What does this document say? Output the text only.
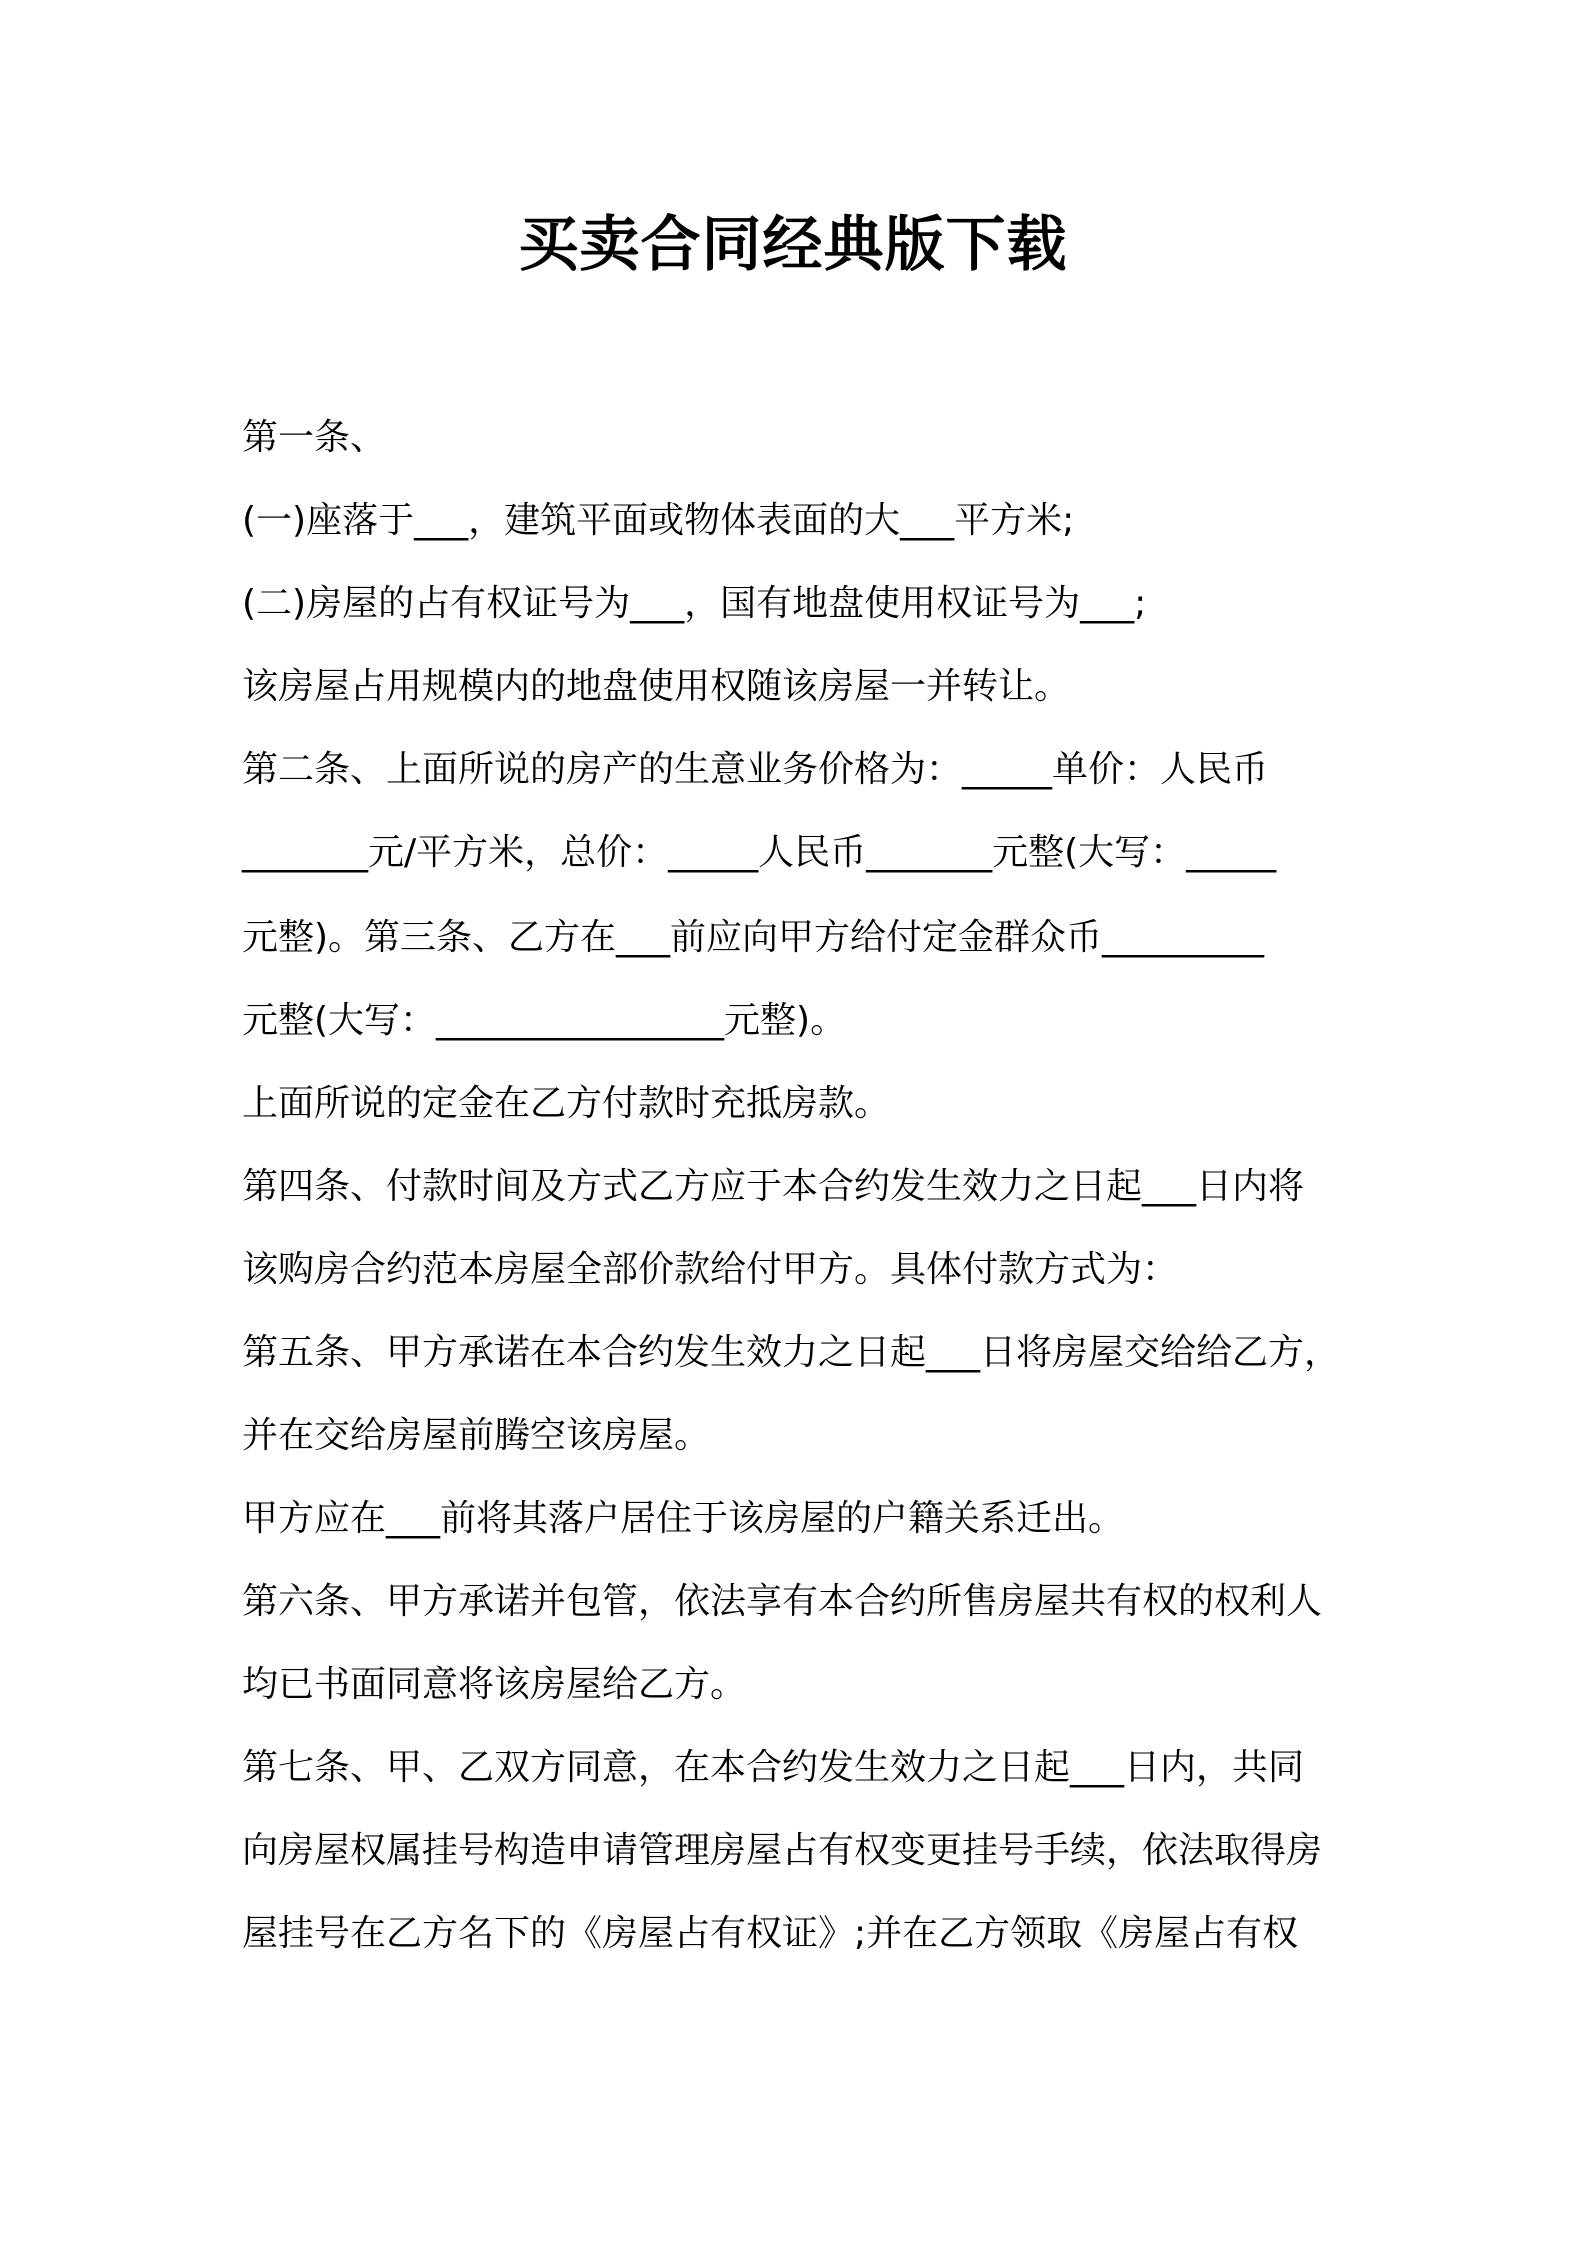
买卖合同经典版下载
第一条、
(一)座落于___，建筑平面或物体表面的大___平方米;
(二)房屋的占有权证号为___，国有地盘使用权证号为___;
该房屋占用规模内的地盘使用权随该房屋一并转让。
第二条、上面所说的房产的生意业务价格为：_____单价：人民币
_______元/平方米，总价：_____人民币_______元整(大写：_____
元整)。第三条、乙方在___前应向甲方给付定金群众币_________
元整(大写：________________元整)。
上面所说的定金在乙方付款时充抵房款。
第四条、付款时间及方式乙方应于本合约发生效力之日起___日内将
该购房合约范本房屋全部价款给付甲方。具体付款方式为：
第五条、甲方承诺在本合约发生效力之日起___日将房屋交给给乙方，
并在交给房屋前腾空该房屋。
甲方应在___前将其落户居住于该房屋的户籍关系迁出。
第六条、甲方承诺并包管，依法享有本合约所售房屋共有权的权利人
均已书面同意将该房屋给乙方。
第七条、甲、乙双方同意，在本合约发生效力之日起___日内，共同
向房屋权属挂号构造申请管理房屋占有权变更挂号手续，依法取得房
屋挂号在乙方名下的《房屋占有权证》;并在乙方领取《房屋占有权
